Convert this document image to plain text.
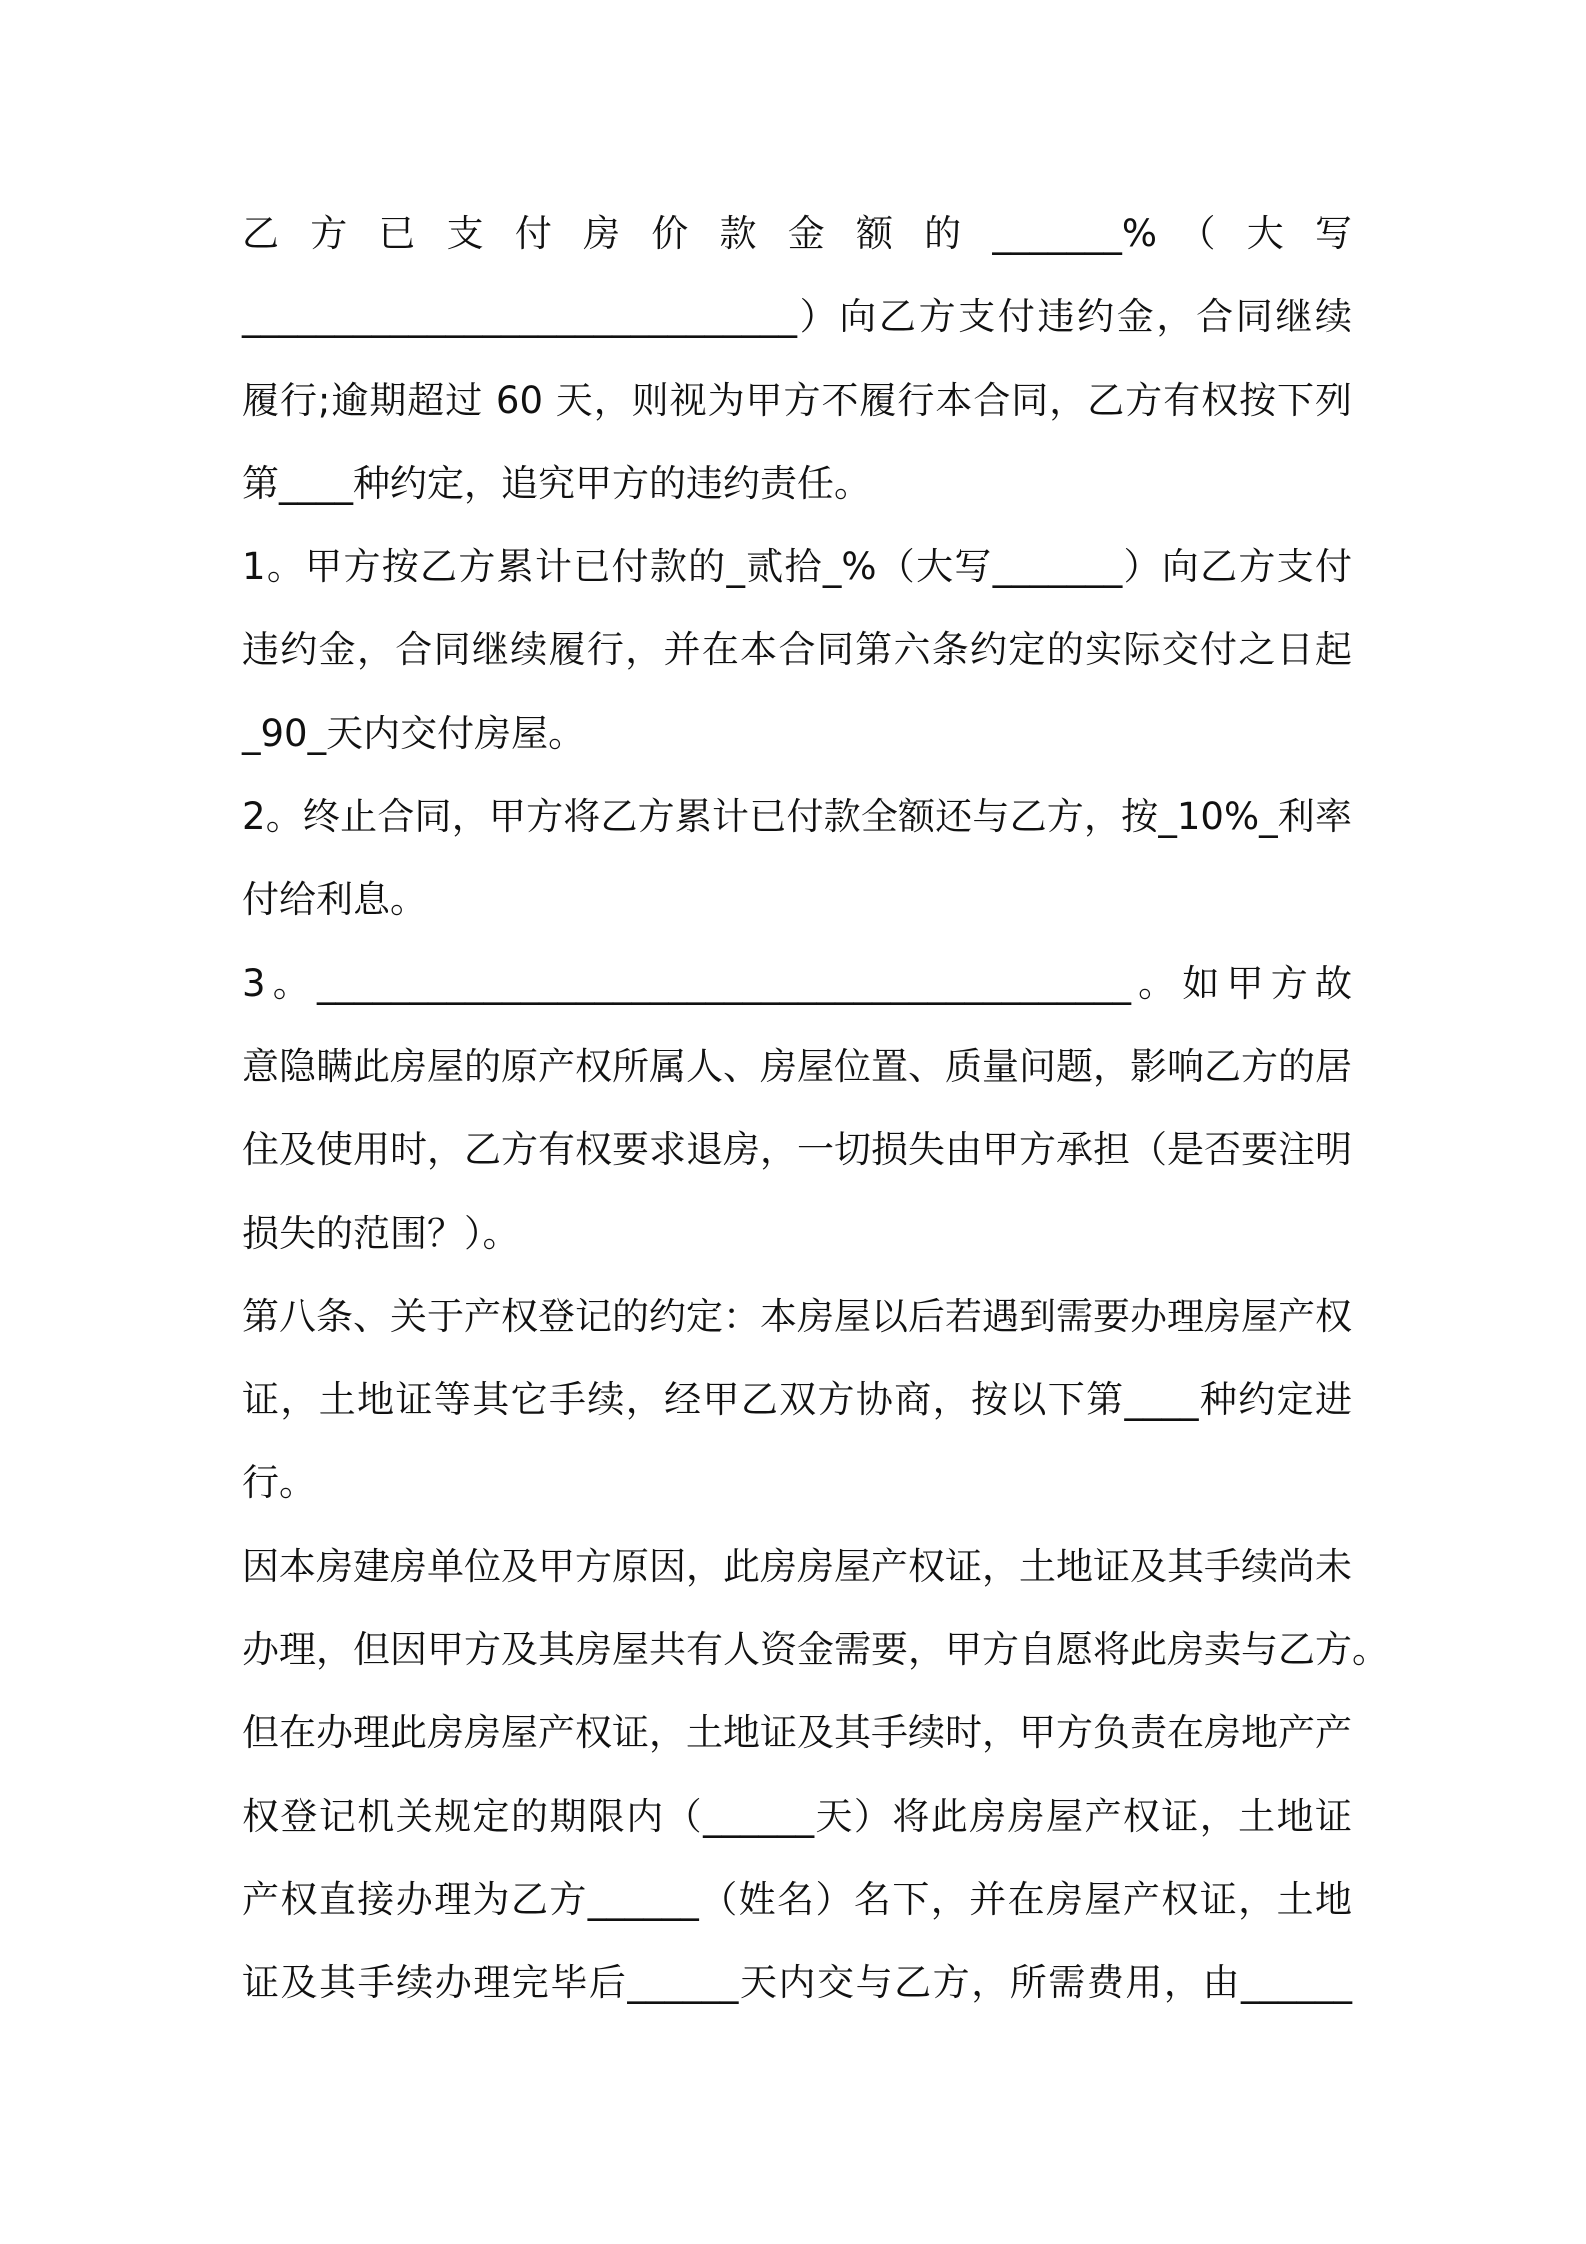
乙 方 已 支 付 房 价 款 金 额 的 _______% （ 大 写
______________________________）向乙方支付违约金，合同继续
履行;逾期超过 60 天，则视为甲方不履行本合同，乙方有权按下列
第____种约定，追究甲方的违约责任。
1。甲方按乙方累计已付款的_贰拾_%（大写_______）向乙方支付
违约金，合同继续履行，并在本合同第六条约定的实际交付之日起
_90_天内交付房屋。
2。终止合同，甲方将乙方累计已付款全额还与乙方，按_10%_利率
付给利息。
3。____________________________________________。如甲方故
意隐瞒此房屋的原产权所属人、房屋位置、质量问题，影响乙方的居
住及使用时，乙方有权要求退房，一切损失由甲方承担（是否要注明
损失的范围？）。
第八条、关于产权登记的约定：本房屋以后若遇到需要办理房屋产权
证，土地证等其它手续，经甲乙双方协商，按以下第____种约定进
行。
因本房建房单位及甲方原因，此房房屋产权证，土地证及其手续尚未
办理，但因甲方及其房屋共有人资金需要，甲方自愿将此房卖与乙方。
但在办理此房房屋产权证，土地证及其手续时，甲方负责在房地产产
权登记机关规定的期限内（______天）将此房房屋产权证，土地证
产权直接办理为乙方______（姓名）名下，并在房屋产权证，土地
证及其手续办理完毕后______天内交与乙方，所需费用，由______
